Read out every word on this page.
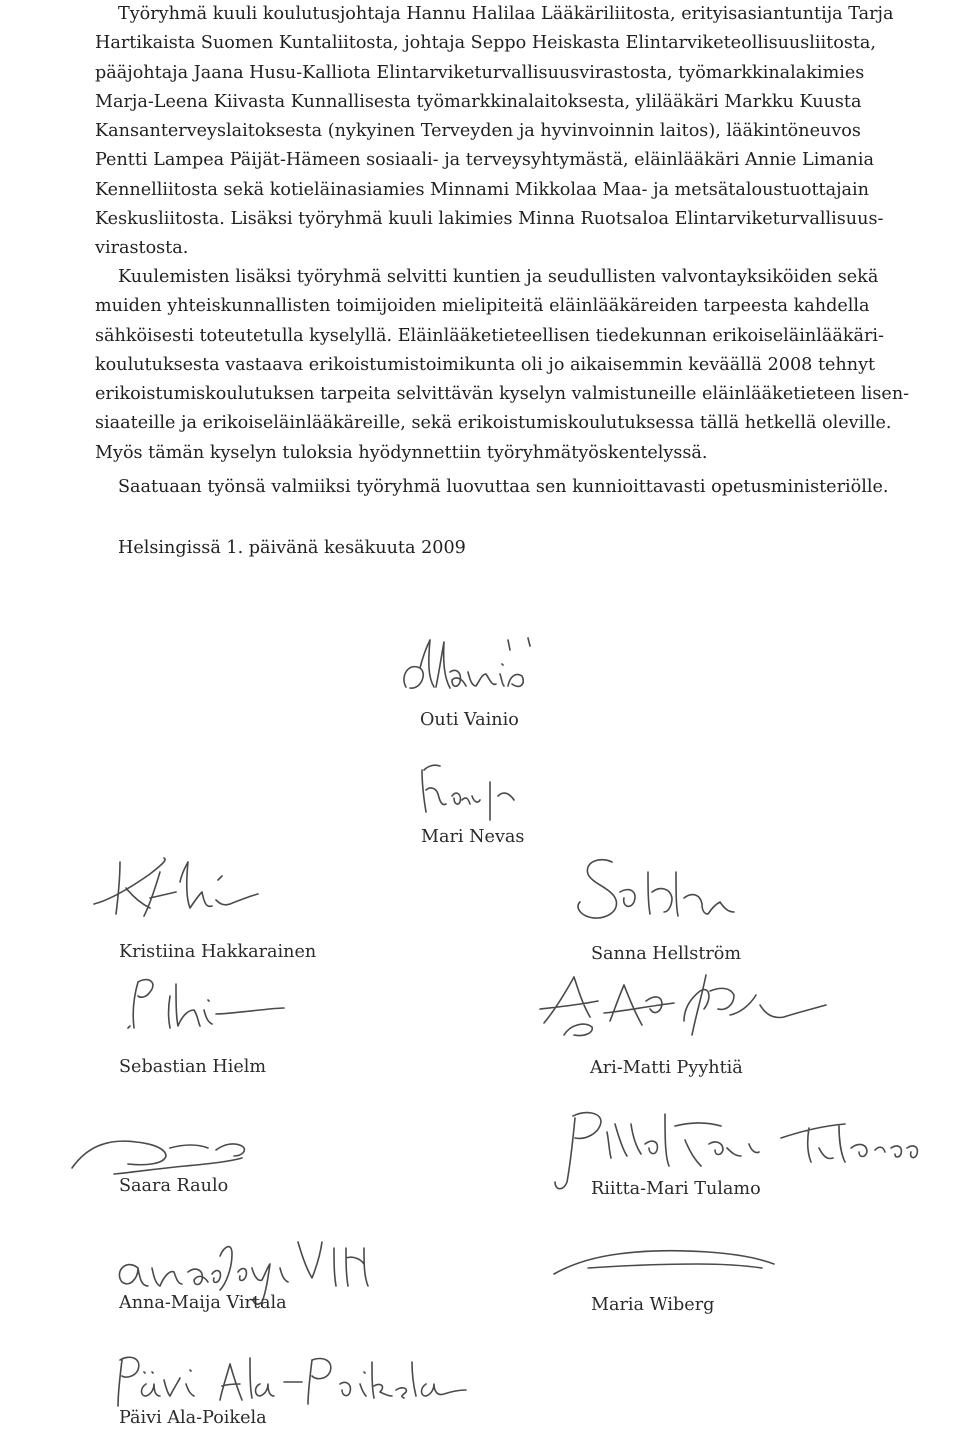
Työryhmä kuuli koulutusjohtaja Hannu Halilaa Lääkäriliitosta, erityisasiantuntija Tarja
Hartikaista Suomen Kuntaliitosta, johtaja Seppo Heiskasta Elintarviketeollisuusliitosta,
pääjohtaja Jaana Husu-Kalliota Elintarviketurvallisuusvirastosta, työmarkkinalakimies
Marja-Leena Kiivasta Kunnallisesta työmarkkinalaitoksesta, ylilääkäri Markku Kuusta
Kansanterveyslaitoksesta (nykyinen Terveyden ja hyvinvoinnin laitos), lääkintöneuvos
Pentti Lampea Päijät-Hämeen sosiaali- ja terveysyhtymästä, eläinlääkäri Annie Limania
Kennelliitosta sekä kotieläinasiamies Minnami Mikkolaa Maa- ja metsätaloustuottajain
Keskusliitosta. Lisäksi työryhmä kuuli lakimies Minna Ruotsaloa Elintarviketurvallisuus-
virastosta.
Kuulemisten lisäksi työryhmä selvitti kuntien ja seudullisten valvontayksiköiden sekä
muiden yhteiskunnallisten toimijoiden mielipiteitä eläinlääkäreiden tarpeesta kahdella
sähköisesti toteutetulla kyselyllä. Eläinlääketieteellisen tiedekunnan erikoiseläinlääkäri-
koulutuksesta vastaava erikoistumistoimikunta oli jo aikaisemmin keväällä 2008 tehnyt
erikoistumiskoulutuksen tarpeita selvittävän kyselyn valmistuneille eläinlääketieteen lisen-
siaateille ja erikoiseläinlääkäreille, sekä erikoistumiskoulutuksessa tällä hetkellä oleville.
Myös tämän kyselyn tuloksia hyödynnettiin työryhmätyöskentelyssä.
Saatuaan työnsä valmiiksi työryhmä luovuttaa sen kunnioittavasti opetusministeriölle.
Helsingissä 1. päivänä kesäkuuta 2009
Outi Vainio
Mari Nevas
Kristiina Hakkarainen	Sanna Hellström
Sebastian Hielm	Ari-Matti Pyyhtiä
Saara Raulo	Riitta-Mari Tulamo
Anna-Maija Virtala	Maria Wiberg
Päivi Ala-Poikela
